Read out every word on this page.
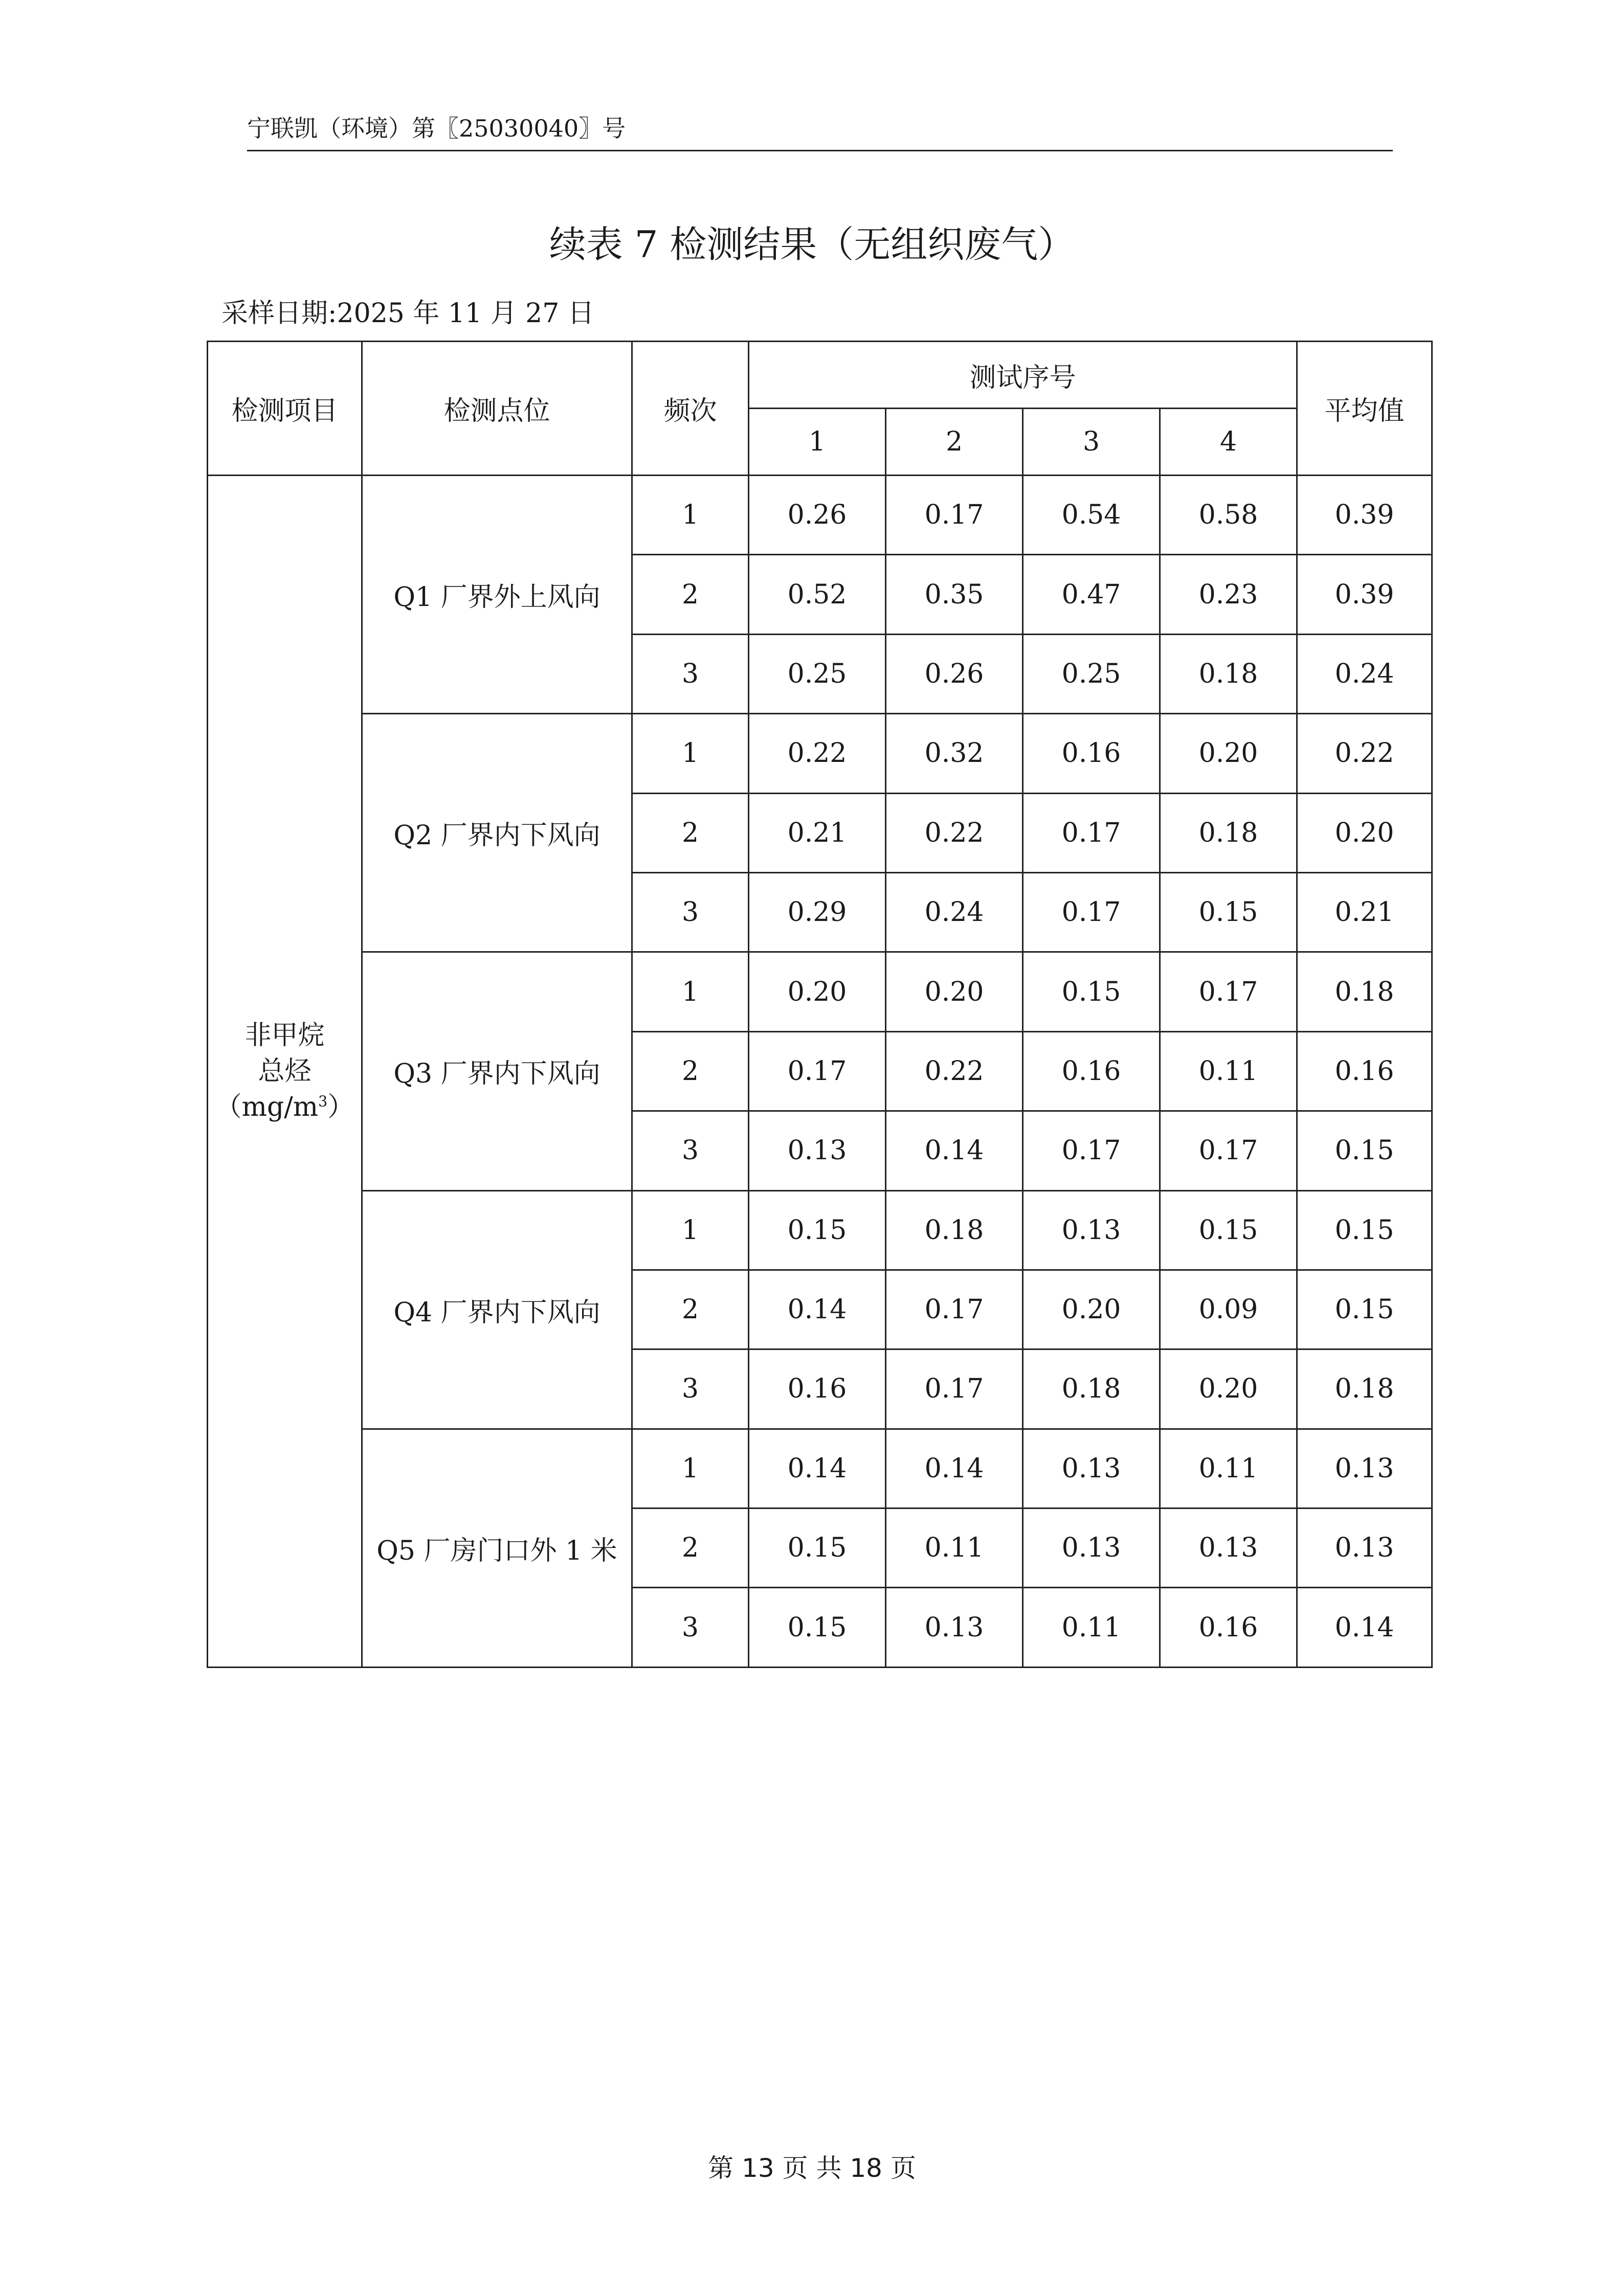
宁联凯（环境）第〖25030040〗号
续表 7 检测结果（无组织废气）
采样日期:2025 年 11 月 27 日
检测项目	检测点位	频次	测试序号				平均值
			1	2	3	4	

非甲烷总烃
$(mg/m^3)$	Q1 厂界外上风向	1	0.26	0.17	0.54	0.58	0.39
		2	0.52	0.35	0.47	0.23	0.39
		3	0.25	0.26	0.25	0.18	0.24
	Q2 厂界内下风向	1	0.22	0.32	0.16	0.20	0.22
		2	0.21	0.22	0.17	0.18	0.20
		3	0.29	0.24	0.17	0.15	0.21
	Q3 厂界内下风向	1	0.20	0.20	0.15	0.17	0.18
		2	0.17	0.22	0.16	0.11	0.16
		3	0.13	0.14	0.17	0.17	0.15
	Q4 厂界内下风向	1	0.15	0.18	0.13	0.15	0.15
		2	0.14	0.17	0.20	0.09	0.15
		3	0.16	0.17	0.18	0.20	0.18
	Q5 厂房门口外 1 米	1	0.14	0.14	0.13	0.11	0.13
		2	0.15	0.11	0.13	0.13	0.13
		3	0.15	0.13	0.11	0.16	0.14
第 13 页 共 18 页
